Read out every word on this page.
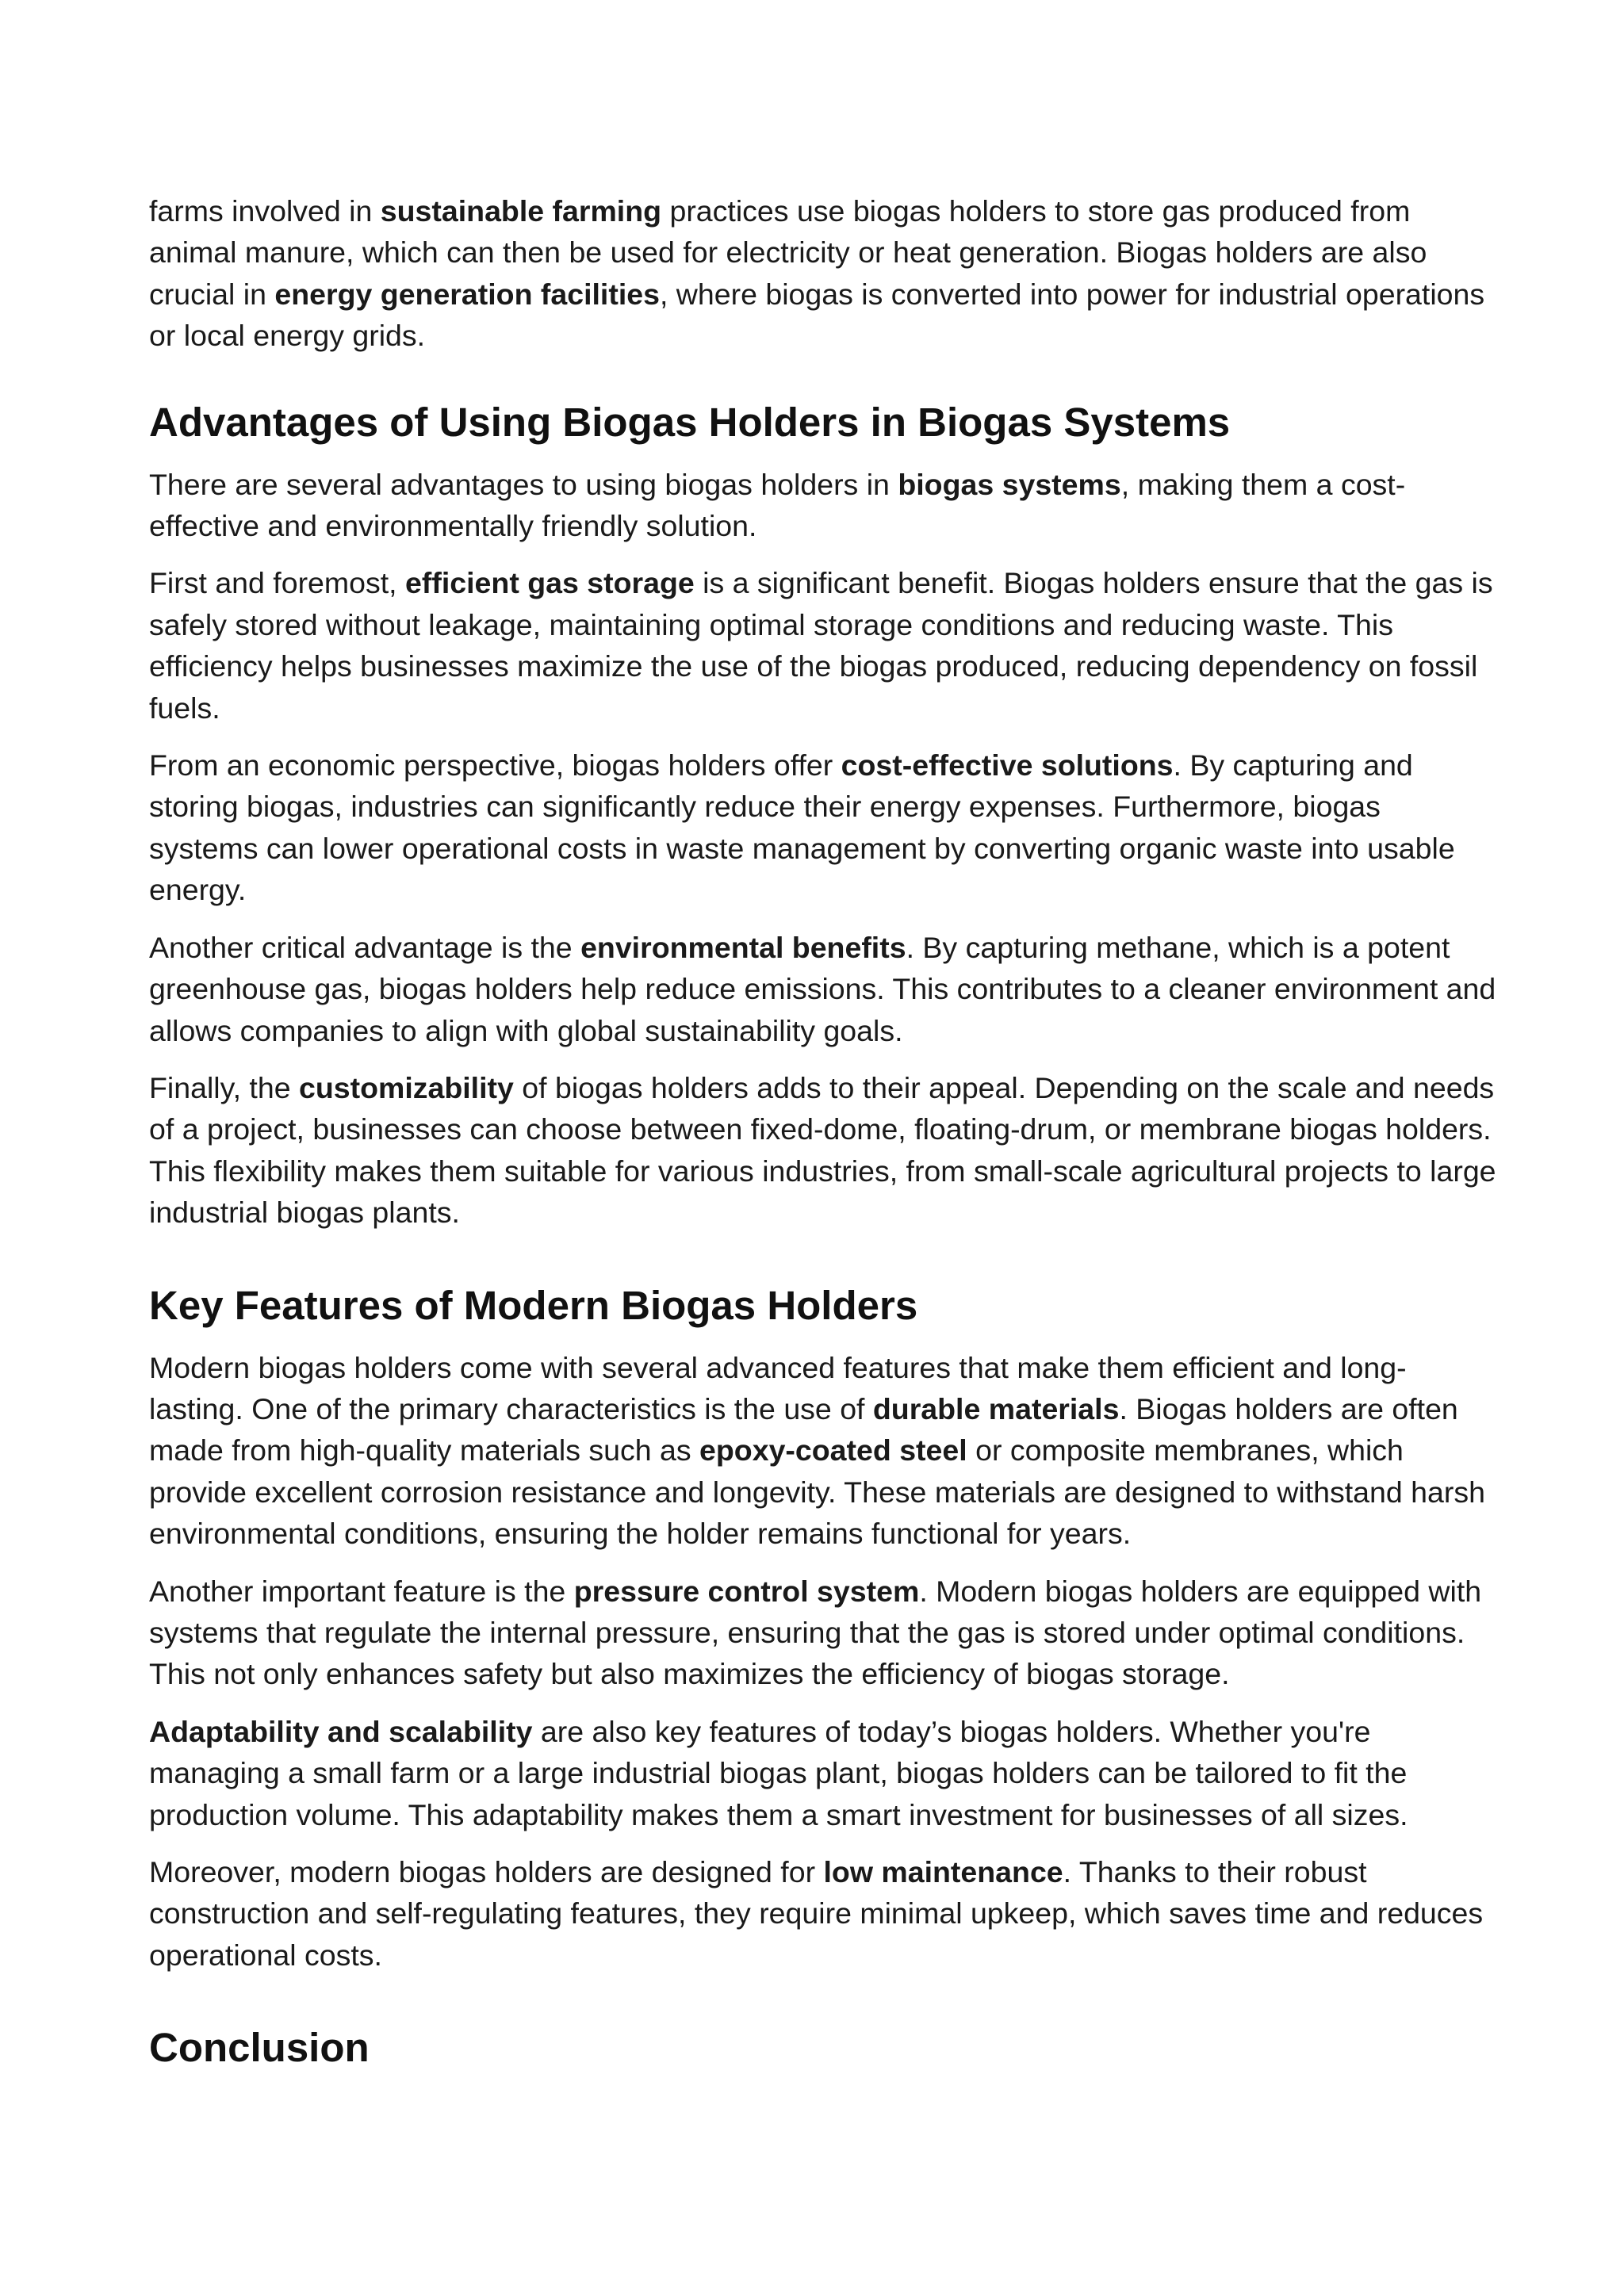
farms involved in sustainable farming practices use biogas holders to store gas produced from animal manure, which can then be used for electricity or heat generation. Biogas holders are also crucial in energy generation facilities, where biogas is converted into power for industrial operations or local energy grids.

Advantages of Using Biogas Holders in Biogas Systems

There are several advantages to using biogas holders in biogas systems, making them a cost-effective and environmentally friendly solution.

First and foremost, efficient gas storage is a significant benefit. Biogas holders ensure that the gas is safely stored without leakage, maintaining optimal storage conditions and reducing waste. This efficiency helps businesses maximize the use of the biogas produced, reducing dependency on fossil fuels.

From an economic perspective, biogas holders offer cost-effective solutions. By capturing and storing biogas, industries can significantly reduce their energy expenses. Furthermore, biogas systems can lower operational costs in waste management by converting organic waste into usable energy.

Another critical advantage is the environmental benefits. By capturing methane, which is a potent greenhouse gas, biogas holders help reduce emissions. This contributes to a cleaner environment and allows companies to align with global sustainability goals.

Finally, the customizability of biogas holders adds to their appeal. Depending on the scale and needs of a project, businesses can choose between fixed-dome, floating-drum, or membrane biogas holders. This flexibility makes them suitable for various industries, from small-scale agricultural projects to large industrial biogas plants.

Key Features of Modern Biogas Holders

Modern biogas holders come with several advanced features that make them efficient and long-lasting. One of the primary characteristics is the use of durable materials. Biogas holders are often made from high-quality materials such as epoxy-coated steel or composite membranes, which provide excellent corrosion resistance and longevity. These materials are designed to withstand harsh environmental conditions, ensuring the holder remains functional for years.

Another important feature is the pressure control system. Modern biogas holders are equipped with systems that regulate the internal pressure, ensuring that the gas is stored under optimal conditions. This not only enhances safety but also maximizes the efficiency of biogas storage.

Adaptability and scalability are also key features of today’s biogas holders. Whether you're managing a small farm or a large industrial biogas plant, biogas holders can be tailored to fit the production volume. This adaptability makes them a smart investment for businesses of all sizes.

Moreover, modern biogas holders are designed for low maintenance. Thanks to their robust construction and self-regulating features, they require minimal upkeep, which saves time and reduces operational costs.

Conclusion
